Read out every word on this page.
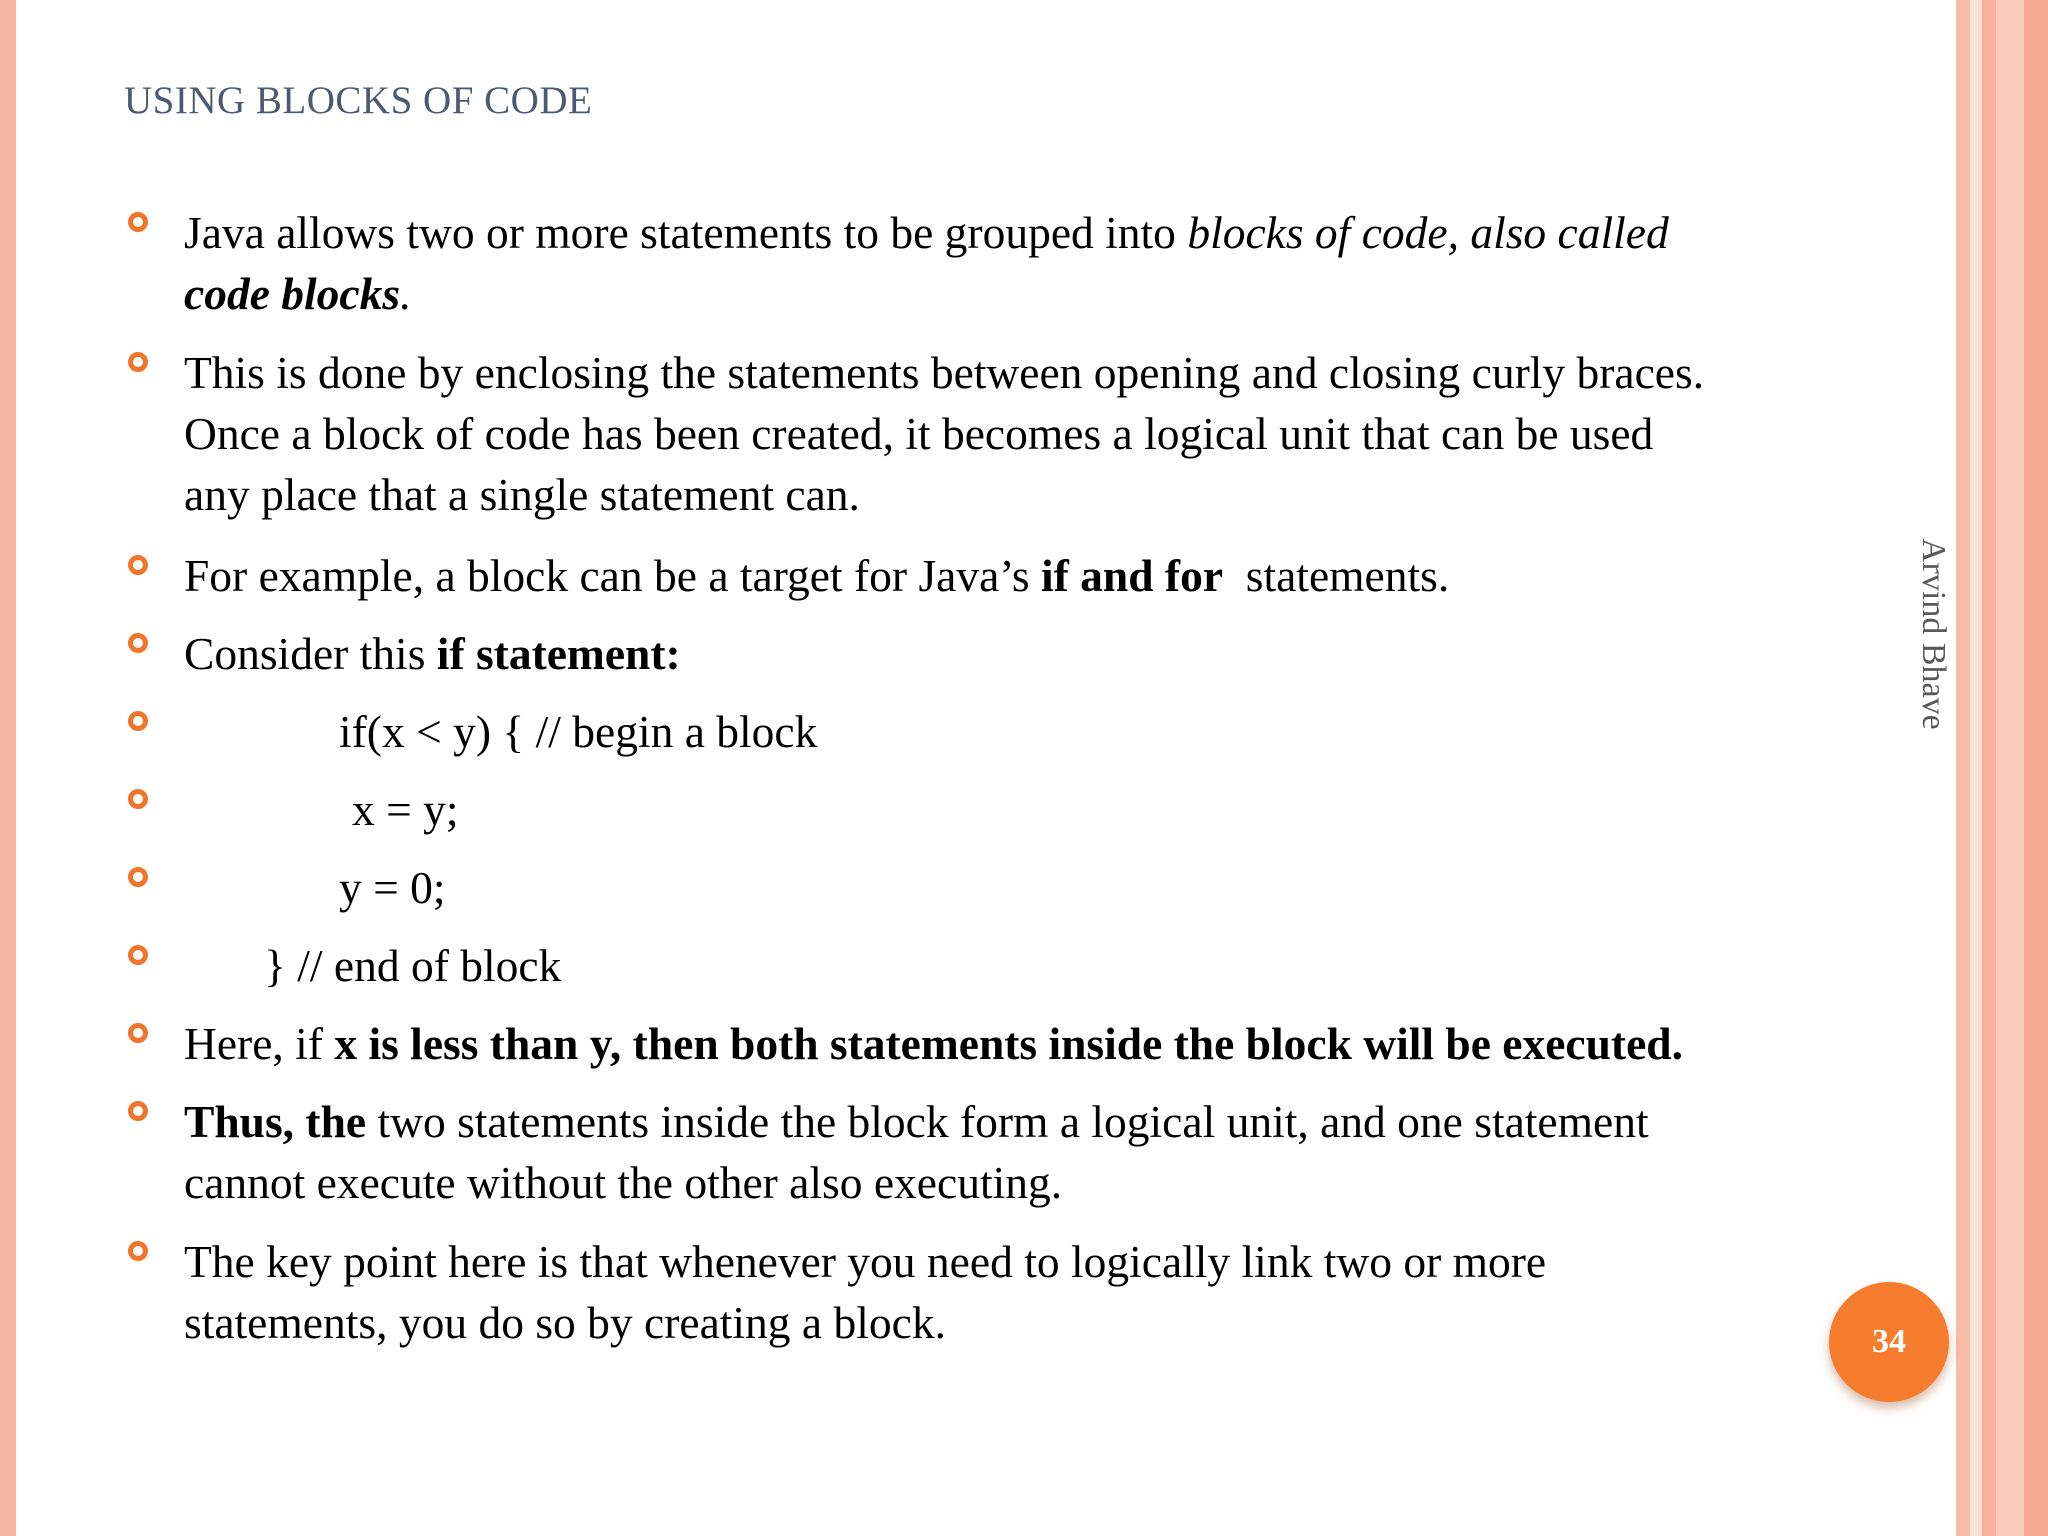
USING BLOCKS OF CODE
Java allows two or more statements to be grouped into blocks of code, also called
code blocks.
This is done by enclosing the statements between opening and closing curly braces.
Once a block of code has been created, it becomes a logical unit that can be used
any place that a single statement can.
For example, a block can be a target for Java’s if and for  statements.
Consider this if statement:
if(x < y) { // begin a block
x = y;
y = 0;
} // end of block
Here, if x is less than y, then both statements inside the block will be executed.
Thus, the two statements inside the block form a logical unit, and one statement
cannot execute without the other also executing.
The key point here is that whenever you need to logically link two or more
statements, you do so by creating a block.
Arvind Bhave
34
